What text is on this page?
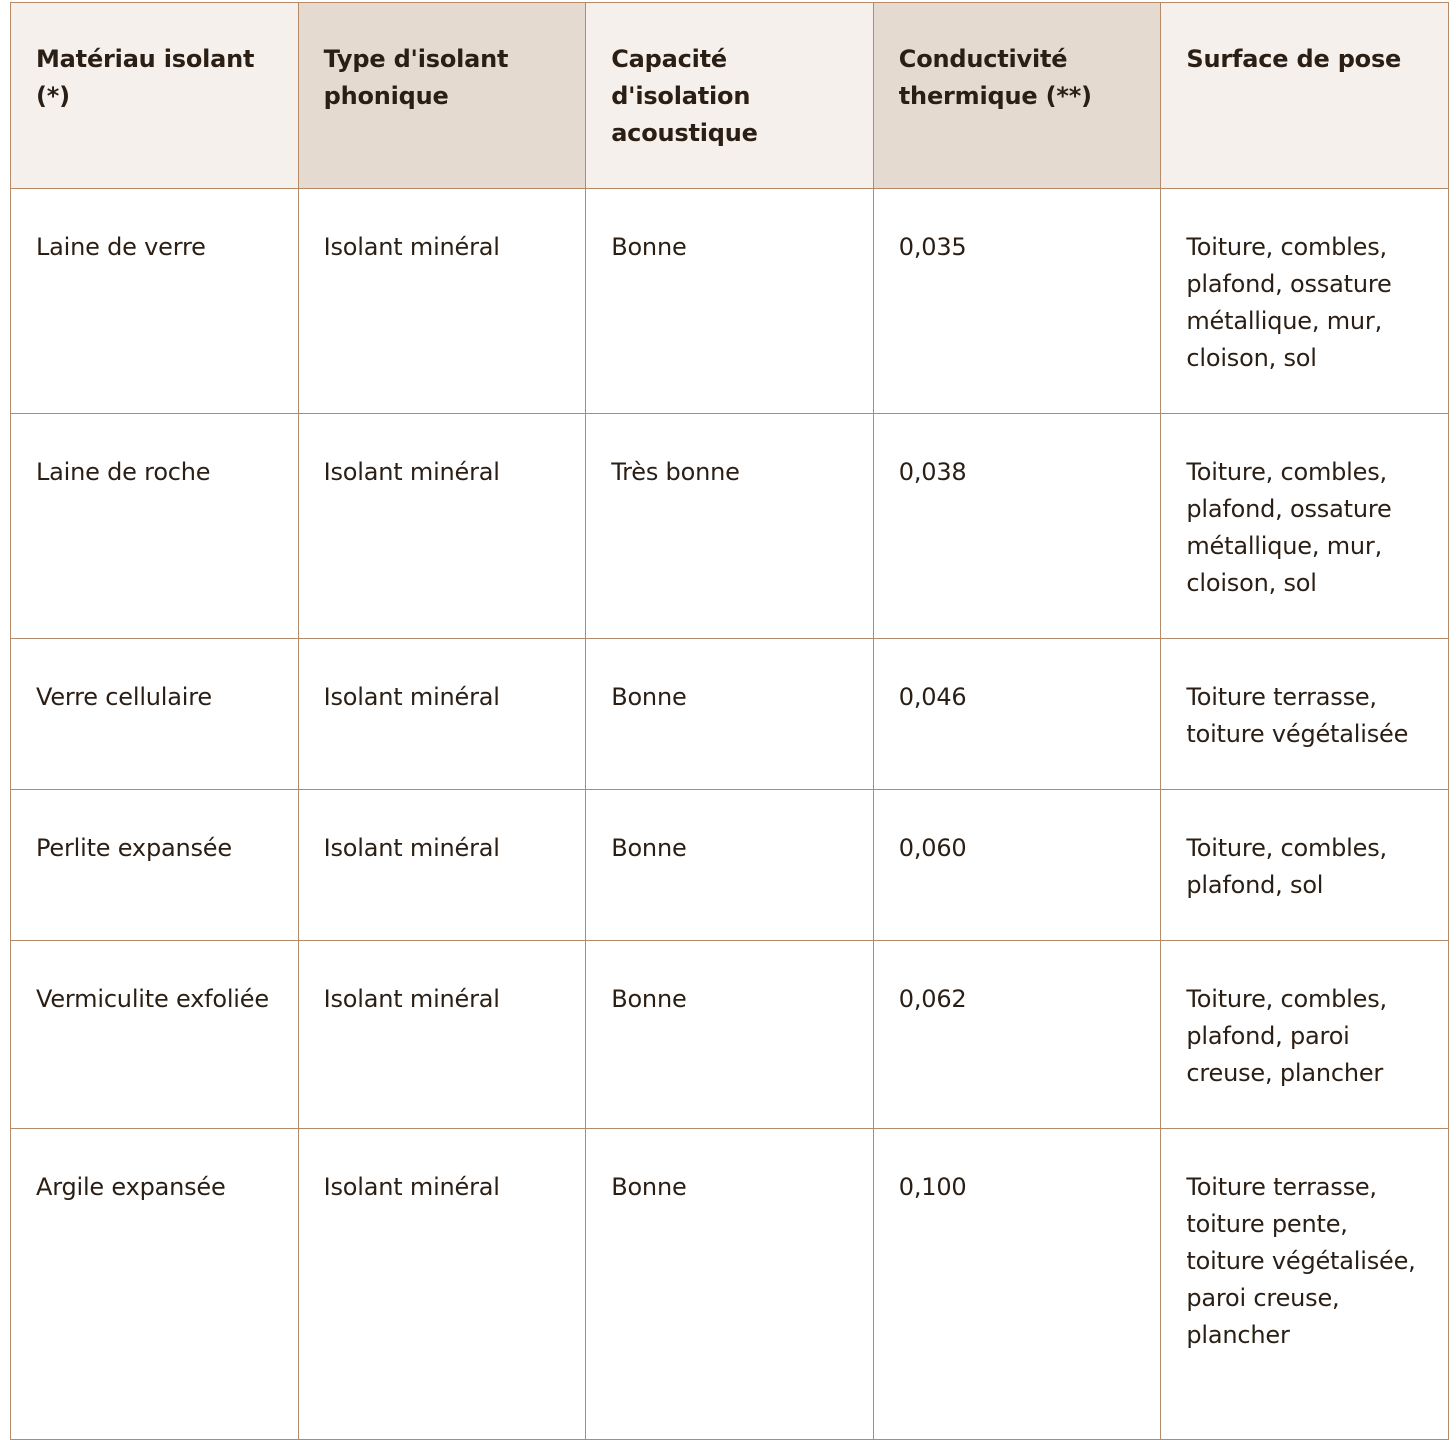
Matériau isolant (*)	Type d'isolant phonique	Capacité d'isolation acoustique	Conductivité thermique (**)	Surface de pose
Laine de verre	Isolant minéral	Bonne	0,035	Toiture, combles, plafond, ossature métallique, mur, cloison, sol
Laine de roche	Isolant minéral	Très bonne	0,038	Toiture, combles, plafond, ossature métallique, mur, cloison, sol
Verre cellulaire	Isolant minéral	Bonne	0,046	Toiture terrasse, toiture végétalisée
Perlite expansée	Isolant minéral	Bonne	0,060	Toiture, combles, plafond, sol
Vermiculite exfoliée	Isolant minéral	Bonne	0,062	Toiture, combles, plafond, paroi creuse, plancher
Argile expansée	Isolant minéral	Bonne	0,100	Toiture terrasse, toiture pente, toiture végétalisée, paroi creuse, plancher
